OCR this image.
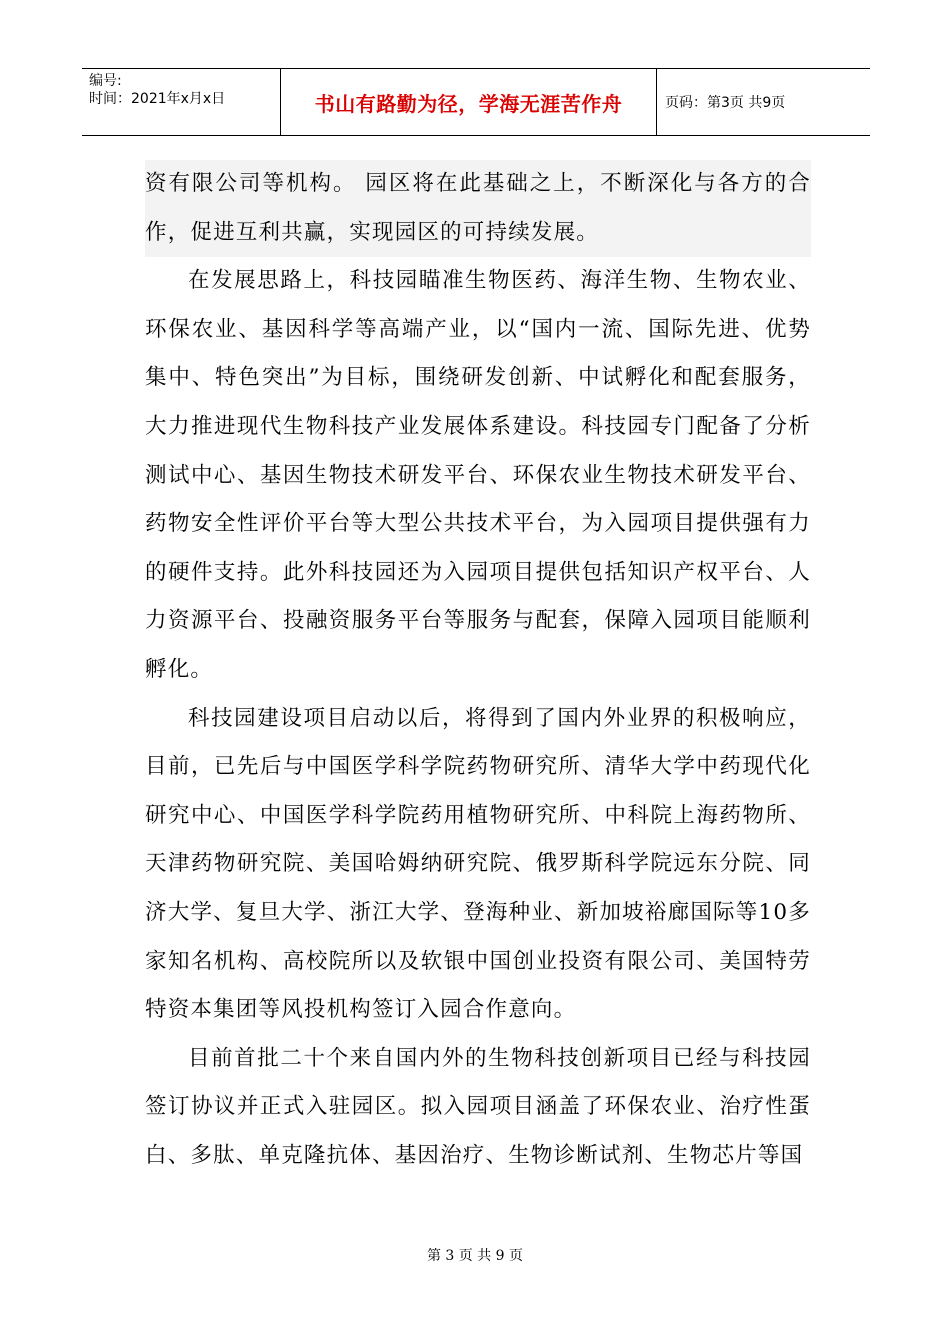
编号:
时间：2021年x月x日	书山有路勤为径，学海无涯苦作舟	页码：第3页 共9页

资有限公司等机构。 园区将在此基础之上，不断深化与各方的合作，促进互利共赢，实现园区的可持续发展。

在发展思路上，科技园瞄准生物医药、海洋生物、生物农业、环保农业、基因科学等高端产业，以“国内一流、国际先进、优势集中、特色突出”为目标，围绕研发创新、中试孵化和配套服务，大力推进现代生物科技产业发展体系建设。科技园专门配备了分析测试中心、基因生物技术研发平台、环保农业生物技术研发平台、药物安全性评价平台等大型公共技术平台，为入园项目提供强有力的硬件支持。此外科技园还为入园项目提供包括知识产权平台、人力资源平台、投融资服务平台等服务与配套，保障入园项目能顺利孵化。

科技园建设项目启动以后，将得到了国内外业界的积极响应，目前，已先后与中国医学科学院药物研究所、清华大学中药现代化研究中心、中国医学科学院药用植物研究所、中科院上海药物所、天津药物研究院、美国哈姆纳研究院、俄罗斯科学院远东分院、同济大学、复旦大学、浙江大学、登海种业、新加坡裕廊国际等10多家知名机构、高校院所以及软银中国创业投资有限公司、美国特劳特资本集团等风投机构签订入园合作意向。

目前首批二十个来自国内外的生物科技创新项目已经与科技园签订协议并正式入驻园区。拟入园项目涵盖了环保农业、治疗性蛋白、多肽、单克隆抗体、基因治疗、生物诊断试剂、生物芯片等国

第 3 页 共 9 页
